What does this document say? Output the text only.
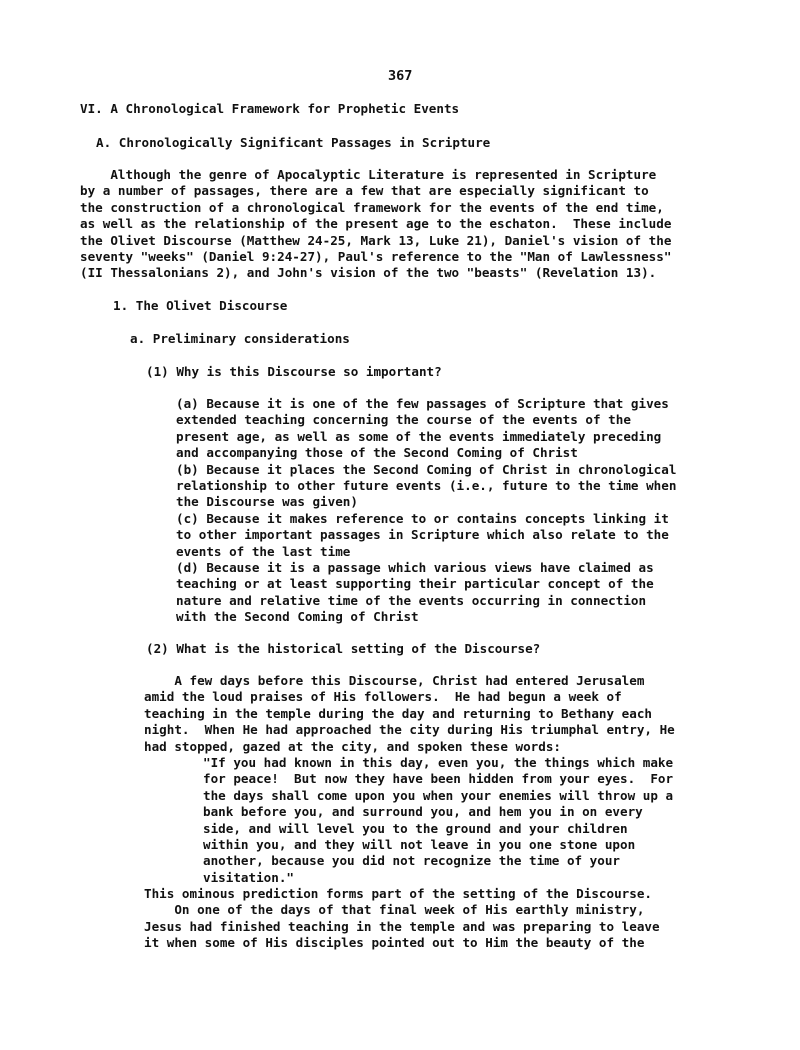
367
VI. A Chronological Framework for Prophetic Events
A. Chronologically Significant Passages in Scripture
Although the genre of Apocalyptic Literature is represented in Scripture
by a number of passages, there are a few that are especially significant to
the construction of a chronological framework for the events of the end time,
as well as the relationship of the present age to the eschaton.  These include
the Olivet Discourse (Matthew 24-25, Mark 13, Luke 21), Daniel's vision of the
seventy "weeks" (Daniel 9:24-27), Paul's reference to the "Man of Lawlessness"
(II Thessalonians 2), and John's vision of the two "beasts" (Revelation 13).
1. The Olivet Discourse
a. Preliminary considerations
(1) Why is this Discourse so important?
(a) Because it is one of the few passages of Scripture that gives
extended teaching concerning the course of the events of the
present age, as well as some of the events immediately preceding
and accompanying those of the Second Coming of Christ
(b) Because it places the Second Coming of Christ in chronological
relationship to other future events (i.e., future to the time when
the Discourse was given)
(c) Because it makes reference to or contains concepts linking it
to other important passages in Scripture which also relate to the
events of the last time
(d) Because it is a passage which various views have claimed as
teaching or at least supporting their particular concept of the
nature and relative time of the events occurring in connection
with the Second Coming of Christ
(2) What is the historical setting of the Discourse?
A few days before this Discourse, Christ had entered Jerusalem
amid the loud praises of His followers.  He had begun a week of
teaching in the temple during the day and returning to Bethany each
night.  When He had approached the city during His triumphal entry, He
had stopped, gazed at the city, and spoken these words:
"If you had known in this day, even you, the things which make
for peace!  But now they have been hidden from your eyes.  For
the days shall come upon you when your enemies will throw up a
bank before you, and surround you, and hem you in on every
side, and will level you to the ground and your children
within you, and they will not leave in you one stone upon
another, because you did not recognize the time of your
visitation."
This ominous prediction forms part of the setting of the Discourse.
On one of the days of that final week of His earthly ministry,
Jesus had finished teaching in the temple and was preparing to leave
it when some of His disciples pointed out to Him the beauty of the
